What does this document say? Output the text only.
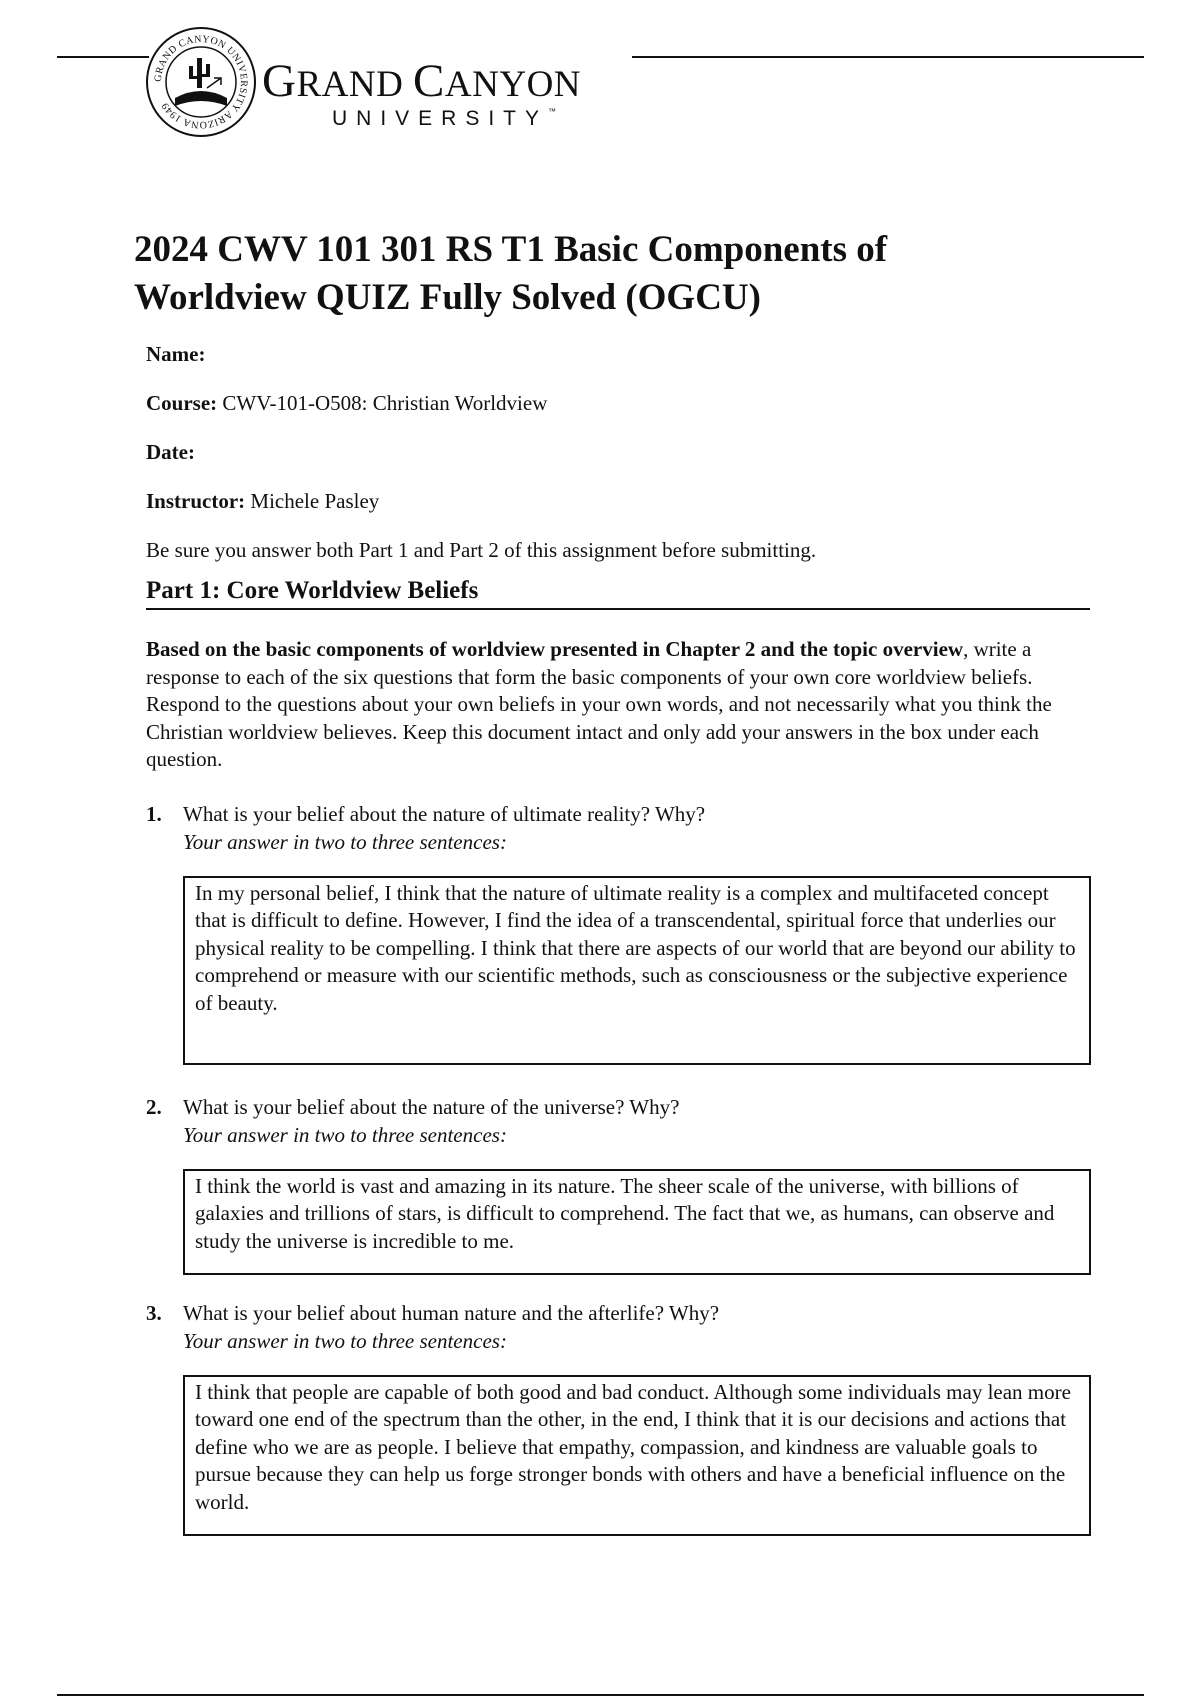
GRAND CANYON UNIVERSITY ARIZONA 1949	GRAND CANYON
UNIVERSITY™
2024 CWV 101 301 RS T1 Basic Components of Worldview QUIZ Fully Solved (OGCU)

Name:

Course: CWV-101-O508: Christian Worldview

Date:

Instructor: Michele Pasley

Be sure you answer both Part 1 and Part 2 of this assignment before submitting.

Part 1: Core Worldview Beliefs

Based on the basic components of worldview presented in Chapter 2 and the topic overview, write a response to each of the six questions that form the basic components of your own core worldview beliefs. Respond to the questions about your own beliefs in your own words, and not necessarily what you think the Christian worldview believes. Keep this document intact and only add your answers in the box under each question.

1. What is your belief about the nature of ultimate reality? Why?

Your answer in two to three sentences:

In my personal belief, I think that the nature of ultimate reality is a complex and multifaceted concept that is difficult to define. However, I find the idea of a transcendental, spiritual force that underlies our physical reality to be compelling. I think that there are aspects of our world that are beyond our ability to comprehend or measure with our scientific methods, such as consciousness or the subjective experience of beauty.
2. What is your belief about the nature of the universe? Why?

Your answer in two to three sentences:

I think the world is vast and amazing in its nature. The sheer scale of the universe, with billions of galaxies and trillions of stars, is difficult to comprehend. The fact that we, as humans, can observe and study the universe is incredible to me.
3. What is your belief about human nature and the afterlife? Why?

Your answer in two to three sentences:

I think that people are capable of both good and bad conduct. Although some individuals may lean more toward one end of the spectrum than the other, in the end, I think that it is our decisions and actions that define who we are as people. I believe that empathy, compassion, and kindness are valuable goals to pursue because they can help us forge stronger bonds with others and have a beneficial influence on the world.
